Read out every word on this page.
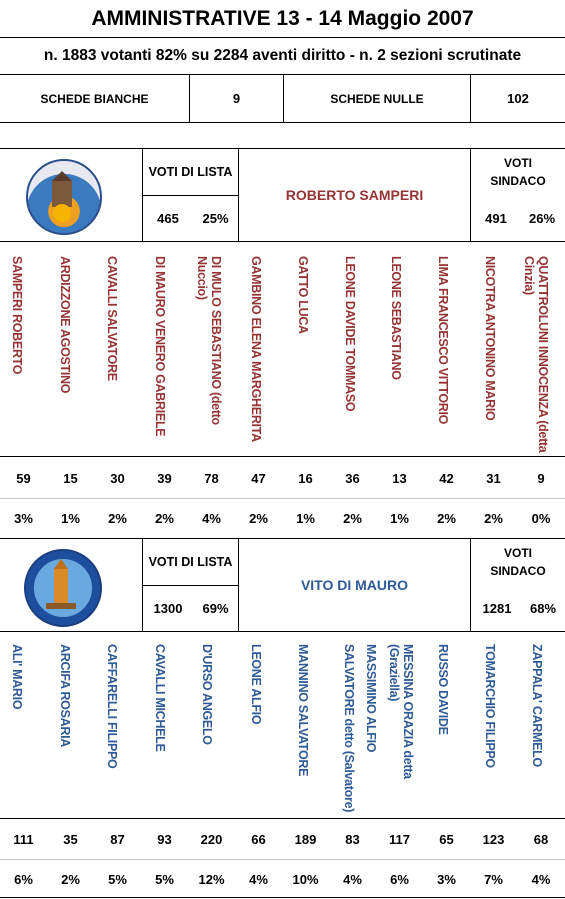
AMMINISTRATIVE 13 - 14 Maggio 2007
n. 1883 votanti 82% su 2284 aventi diritto - n. 2 sezioni scrutinate
SCHEDE BIANCHE	9	SCHEDE NULLE	102
VOTI DI LISTA
465	25%
ROBERTO SAMPERI
VOTI SINDACO
491	26%
SAMPERI ROBERTO	ARDIZZONE AGOSTINO	CAVALLI SALVATORE	DI MAURO VENERO GABRIELE	DI MULO SEBASTIANO (detto Nuccio)	GAMBINO ELENA MARGHERITA	GATTO LUCA	LEONE DAVIDE TOMMASO	LEONE SEBASTIANO	LIMA FRANCESCO VITTORIO	NICOTRA ANTONINO MARIO	QUATTROLUNI INNOCENZA (detta Cinzia)
59	15	30	39	78	47	16	36	13	42	31	9
3%	1%	2%	2%	4%	2%	1%	2%	1%	2%	2%	0%
VOTI DI LISTA
1300	69%
VITO DI MAURO
VOTI SINDACO
1281	68%
ALI' MARIO	ARCIFA ROSARIA	CAFFARELLI FILIPPO	CAVALLI MICHELE	D'URSO ANGELO	LEONE ALFIO	MANNINO SALVATORE	SALVATORE detto (Salvatore) MASSIMINO ALFIO	MESSINA ORAZIA detta (Graziella)	RUSSO DAVIDE	TOMARCHIO FILIPPO	ZAPPALA' CARMELO
111	35	87	93	220	66	189	83	117	65	123	68
6%	2%	5%	5%	12%	4%	10%	4%	6%	3%	7%	4%
